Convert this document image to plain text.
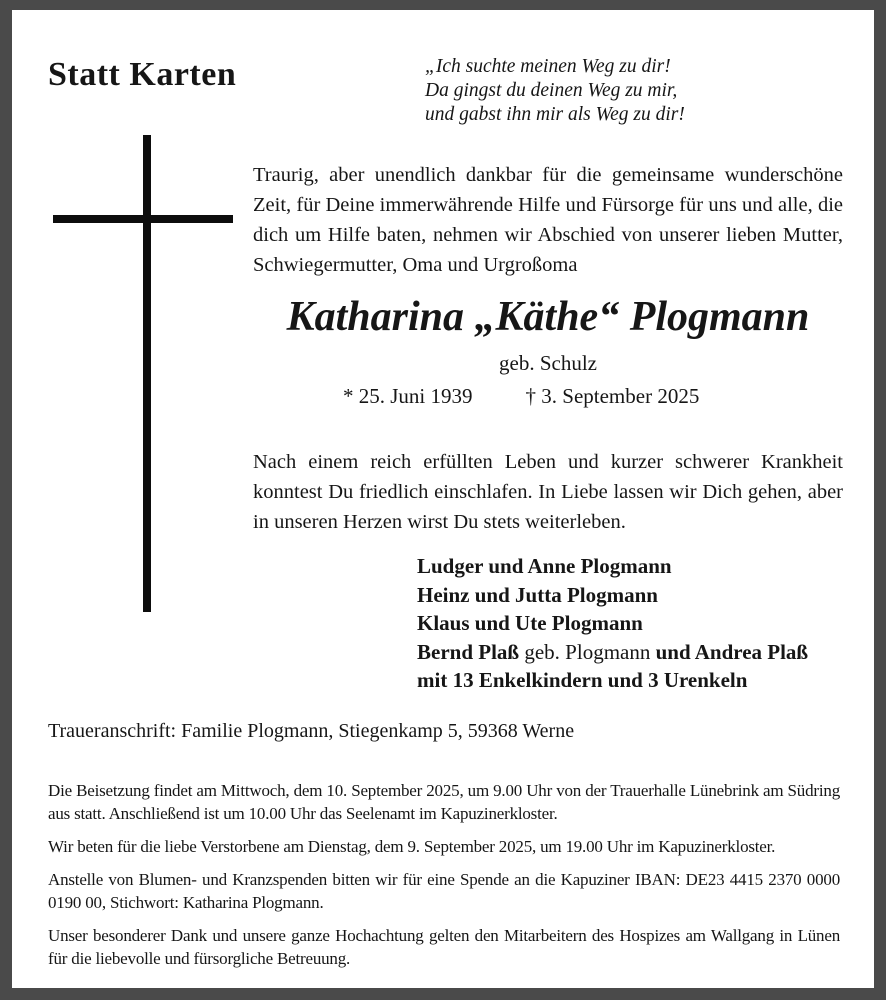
Statt Karten	„Ich suchte meinen Weg zu dir!
Da gingst du deinen Weg zu mir,
und gabst ihn mir als Weg zu dir!
Traurig, aber unendlich dankbar für die gemeinsame wunderschöne Zeit, für Deine immerwährende Hilfe und Fürsorge für uns und alle, die dich um Hilfe baten, nehmen wir Abschied von unserer lieben Mutter, Schwiegermutter, Oma und Urgroßoma
Katharina „Käthe“ Plogmann
geb. Schulz
* 25. Juni 1939	† 3. September 2025
Nach einem reich erfüllten Leben und kurzer schwerer Krankheit konntest Du friedlich einschlafen. In Liebe lassen wir Dich gehen, aber in unseren Herzen wirst Du stets weiterleben.
Ludger und Anne Plogmann
Heinz und Jutta Plogmann
Klaus und Ute Plogmann
Bernd Plaß geb. Plogmann und Andrea Plaß
mit 13 Enkelkindern und 3 Urenkeln
Traueranschrift: Familie Plogmann, Stiegenkamp 5, 59368 Werne

Die Beisetzung findet am Mittwoch, dem 10. September 2025, um 9.00 Uhr von der Trauerhalle Lünebrink am Südring aus statt. Anschließend ist um 10.00 Uhr das Seelenamt im Kapuzinerkloster.

Wir beten für die liebe Verstorbene am Dienstag, dem 9. September 2025, um 19.00 Uhr im Kapuzinerkloster.

Anstelle von Blumen- und Kranzspenden bitten wir für eine Spende an die Kapuziner IBAN: DE23 4415 2370 0000 0190 00, Stichwort: Katharina Plogmann.

Unser besonderer Dank und unsere ganze Hochachtung gelten den Mitarbeitern des Hospizes am Wallgang in Lünen für die liebevolle und fürsorgliche Betreuung.
